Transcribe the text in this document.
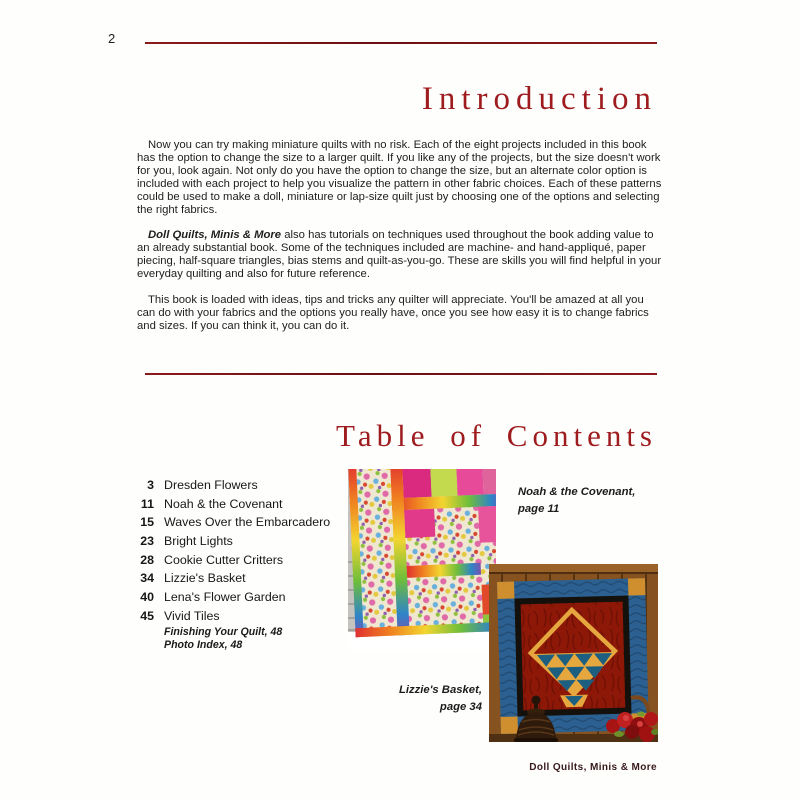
2
Introduction

Now you can try making miniature quilts with no risk. Each of the eight projects included in this book has the option to change the size to a larger quilt. If you like any of the projects, but the size doesn't work for you, look again. Not only do you have the option to change the size, but an alternate color option is included with each project to help you visualize the pattern in other fabric choices. Each of these patterns could be used to make a doll, miniature or lap-size quilt just by choosing one of the options and selecting the right fabrics.

Doll Quilts, Minis & More also has tutorials on techniques used throughout the book adding value to an already substantial book. Some of the techniques included are machine- and hand-appliqué, paper piecing, half-square triangles, bias stems and quilt-as-you-go. These are skills you will find helpful in your everyday quilting and also for future reference.

This book is loaded with ideas, tips and tricks any quilter will appreciate. You'll be amazed at all you can do with your fabrics and the options you really have, once you see how easy it is to change fabrics and sizes. If you can think it, you can do it.

Table of Contents
3 Dresden Flowers
11 Noah & the Covenant
15 Waves Over the Embarcadero
23 Bright Lights
28 Cookie Cutter Critters
34 Lizzie's Basket
40 Lena's Flower Garden
45 Vivid Tiles
Finishing Your Quilt, 48
Photo Index, 48
Noah & the Covenant,
page 11
Lizzie's Basket,
page 34
Doll Quilts, Minis & More
